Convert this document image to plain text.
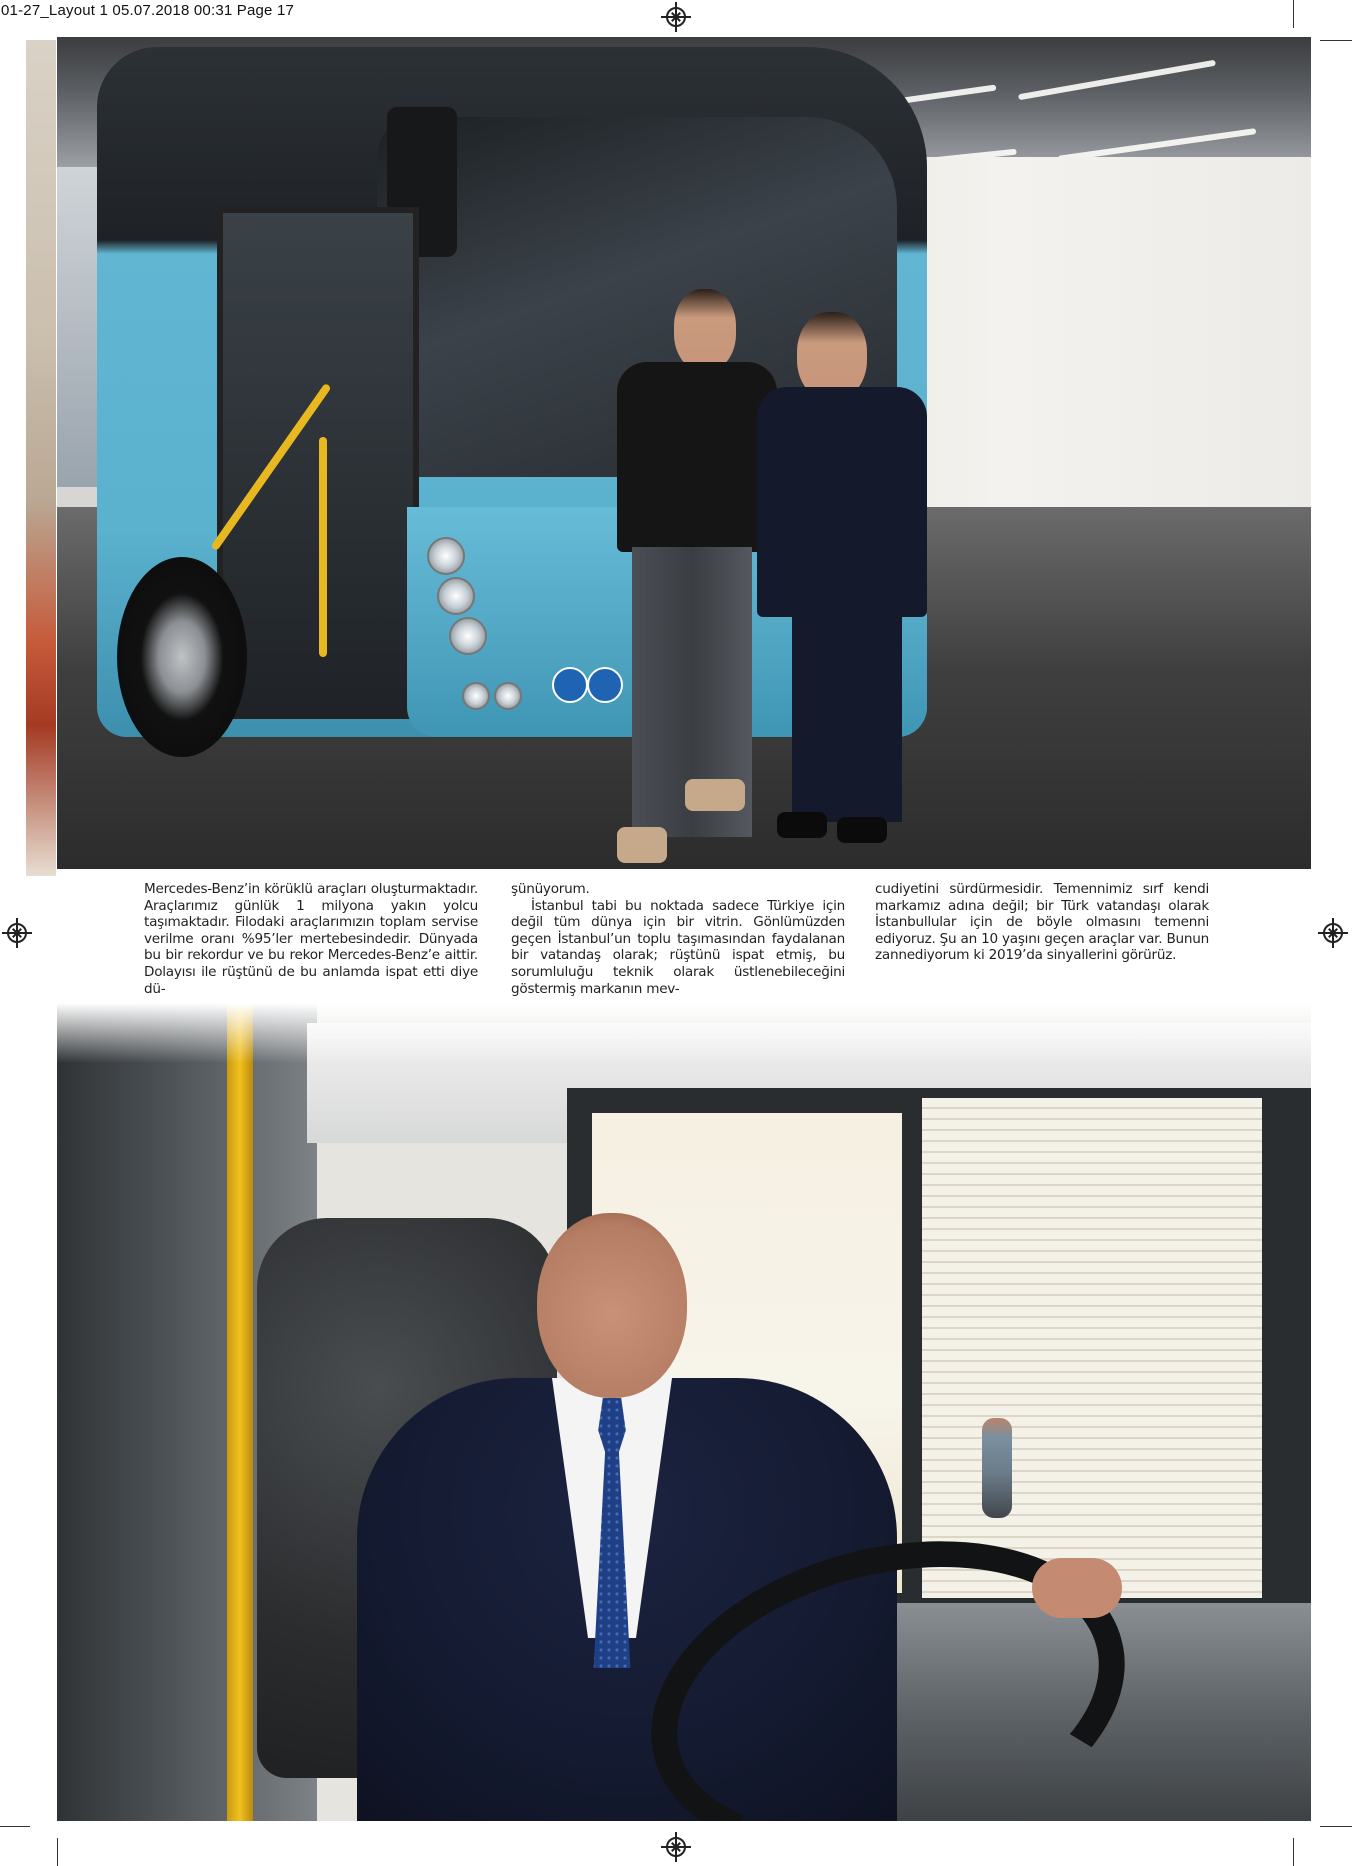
01-27_Layout 1 05.07.2018 00:31 Page 17

Mercedes-Benz’in körüklü araçları oluşturmaktadır. Araçlarımız günlük 1 milyona yakın yolcu taşımaktadır. Filodaki araçlarımızın toplam servise verilme oranı %95’ler mertebesindedir. Dünyada bu bir rekordur ve bu rekor Mercedes-Benz’e aittir. Dolayısı ile rüştünü de bu anlamda ispat etti diye dü-

şünüyorum.

İstanbul tabi bu noktada sadece Türkiye için değil tüm dünya için bir vitrin. Gönlümüzden geçen İstanbul’un toplu taşımasından faydalanan bir vatandaş olarak; rüştünü ispat etmiş, bu sorumluluğu teknik olarak üstlenebileceğini göstermiş markanın mev-

cudiyetini sürdürmesidir. Temennimiz sırf kendi markamız adına değil; bir Türk vatandaşı olarak İstanbullular için de böyle olmasını temenni ediyoruz. Şu an 10 yaşını geçen araçlar var. Bunun zannediyorum ki 2019’da sinyallerini görürüz.
